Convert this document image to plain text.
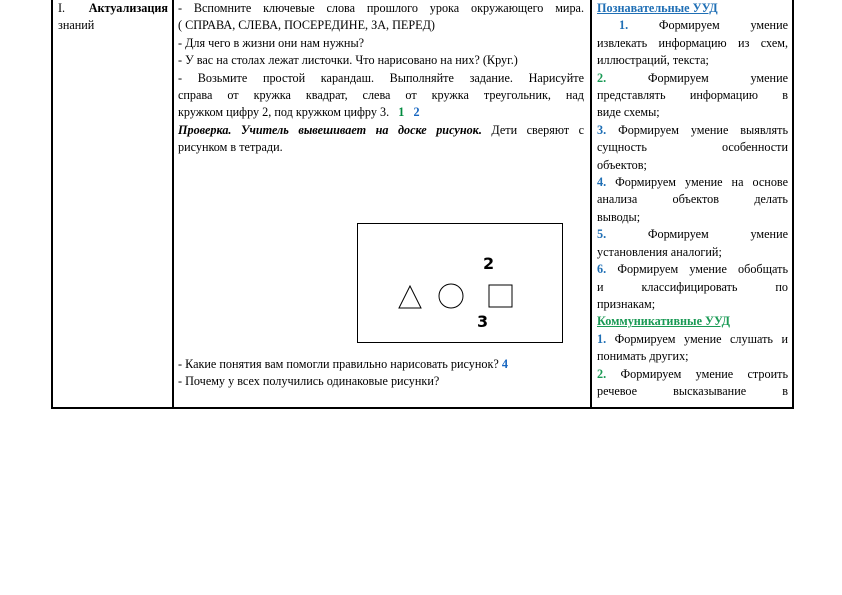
I. Актуализация
знаний
- Вспомните ключевые слова прошлого урока окружающего мира.
( СПРАВА, СЛЕВА, ПОСЕРЕДИНЕ, ЗА, ПЕРЕД)
- Для чего в жизни они нам нужны?
- У вас на столах лежат листочки. Что нарисовано на них? (Круг.)
- Возьмите простой карандаш. Выполняйте задание. Нарисуйте
справа от кружка квадрат, слева от кружка треугольник, над
кружком цифру 2, под кружком цифру 3. 1 2
Проверка. Учитель вывешивает на доске рисунок. Дети сверяют с
рисунком в тетради.
2
3
- Какие понятия вам помогли правильно нарисовать рисунок? 4
- Почему у всех получились одинаковые рисунки?
Познавательные УУД
1.	Формируем умение
извлекать информацию из схем,
иллюстраций, текста;
2.	Формируем умение
представлять информацию в
виде схемы;
3. Формируем умение выявлять
сущность особенности
объектов;
4. Формируем умение на основе
анализа объектов делать
выводы;
5.	Формируем умение
установления аналогий;
6. Формируем умение обобщать
и классифицировать по
признакам;
Коммуникативные УУД
1. Формируем умение слушать и
понимать других;
2. Формируем умение строить
речевое высказывание в
